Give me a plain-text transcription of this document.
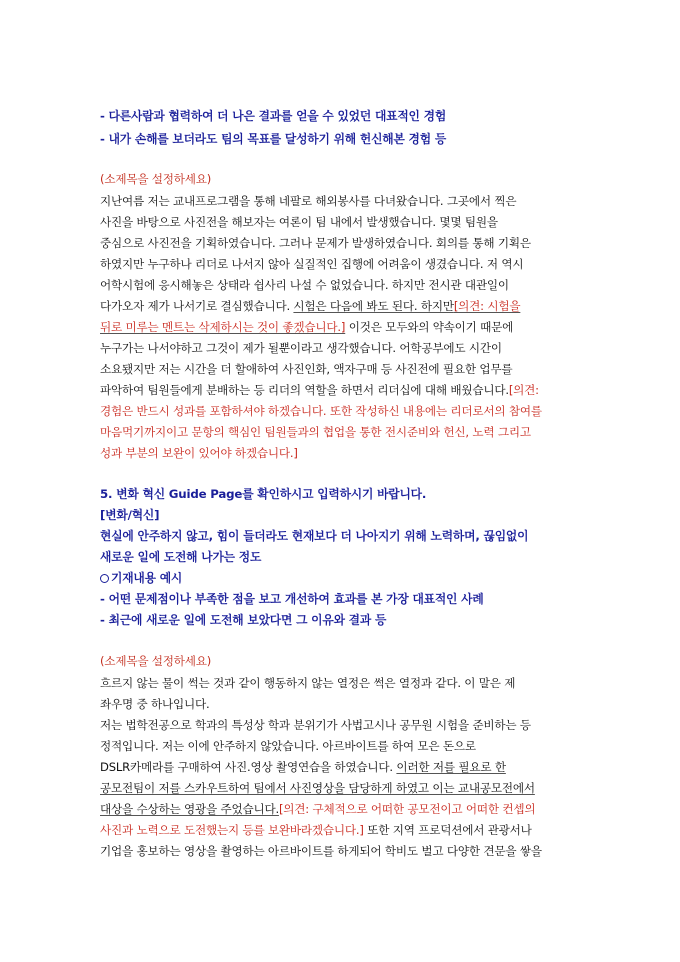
- 다른사람과 협력하여 더 나은 결과를 얻을 수 있었던 대표적인 경험
- 내가 손해를 보더라도 팀의 목표를 달성하기 위해 헌신해본 경험 등
(소제목을 설정하세요)
지난여름 저는 교내프로그램을 통해 네팔로 해외봉사를 다녀왔습니다. 그곳에서 찍은
사진을 바탕으로 사진전을 해보자는 여론이 팀 내에서 발생했습니다. 몇몇 팀원을
중심으로 사진전을 기획하였습니다. 그러나 문제가 발생하였습니다. 회의를 통해 기획은
하였지만 누구하나 리더로 나서지 않아 실질적인 집행에 어려움이 생겼습니다. 저 역시
어학시험에 응시해놓은 상태라 쉽사리 나설 수 없었습니다. 하지만 전시관 대관일이
다가오자 제가 나서기로 결심했습니다. 시험은 다음에 봐도 된다. 하지만[의견: 시험을
뒤로 미루는 멘트는 삭제하시는 것이 좋겠습니다.] 이것은 모두와의 약속이기 때문에
누구가는 나서야하고 그것이 제가 될뿐이라고 생각했습니다. 어학공부에도 시간이
소요됐지만 저는 시간을 더 할애하여 사진인화, 액자구매 등 사진전에 필요한 업무를
파악하여 팀원들에게 분배하는 등 리더의 역할을 하면서 리더십에 대해 배웠습니다.[의견:
경험은 반드시 성과를 포함하셔야 하겠습니다. 또한 작성하신 내용에는 리더로서의 참여를
마음먹기까지이고 문항의 핵심인 팀원들과의 협업을 통한 전시준비와 헌신, 노력 그리고
성과 부분의 보완이 있어야 하겠습니다.]
5. 변화 혁신 Guide Page를 확인하시고 입력하시기 바랍니다.
[변화/혁신]
현실에 안주하지 않고, 힘이 들더라도 현재보다 더 나아지기 위해 노력하며, 끊임없이
새로운 일에 도전해 나가는 정도
기재내용 예시
- 어떤 문제점이나 부족한 점을 보고 개선하여 효과를 본 가장 대표적인 사례
- 최근에 새로운 일에 도전해 보았다면 그 이유와 결과 등
(소제목을 설정하세요)
흐르지 않는 물이 썩는 것과 같이 행동하지 않는 열정은 썩은 열정과 같다. 이 말은 제
좌우명 중 하나입니다.
저는 법학전공으로 학과의 특성상 학과 분위기가 사법고시나 공무원 시험을 준비하는 등
정적입니다. 저는 이에 안주하지 않았습니다. 아르바이트를 하여 모은 돈으로
DSLR카메라를 구매하여 사진.영상 촬영연습을 하였습니다. 이러한 저를 필요로 한
공모전팀이 저를 스카우트하여 팀에서 사진영상을 담당하게 하였고 이는 교내공모전에서
대상을 수상하는 영광을 주었습니다.[의견: 구체적으로 어떠한 공모전이고 어떠한 컨셉의
사진과 노력으로 도전했는지 등를 보완바라겠습니다.] 또한 지역 프로덕션에서 관광서나
기업을 홍보하는 영상을 촬영하는 아르바이트를 하게되어 학비도 벌고 다양한 견문을 쌓을
